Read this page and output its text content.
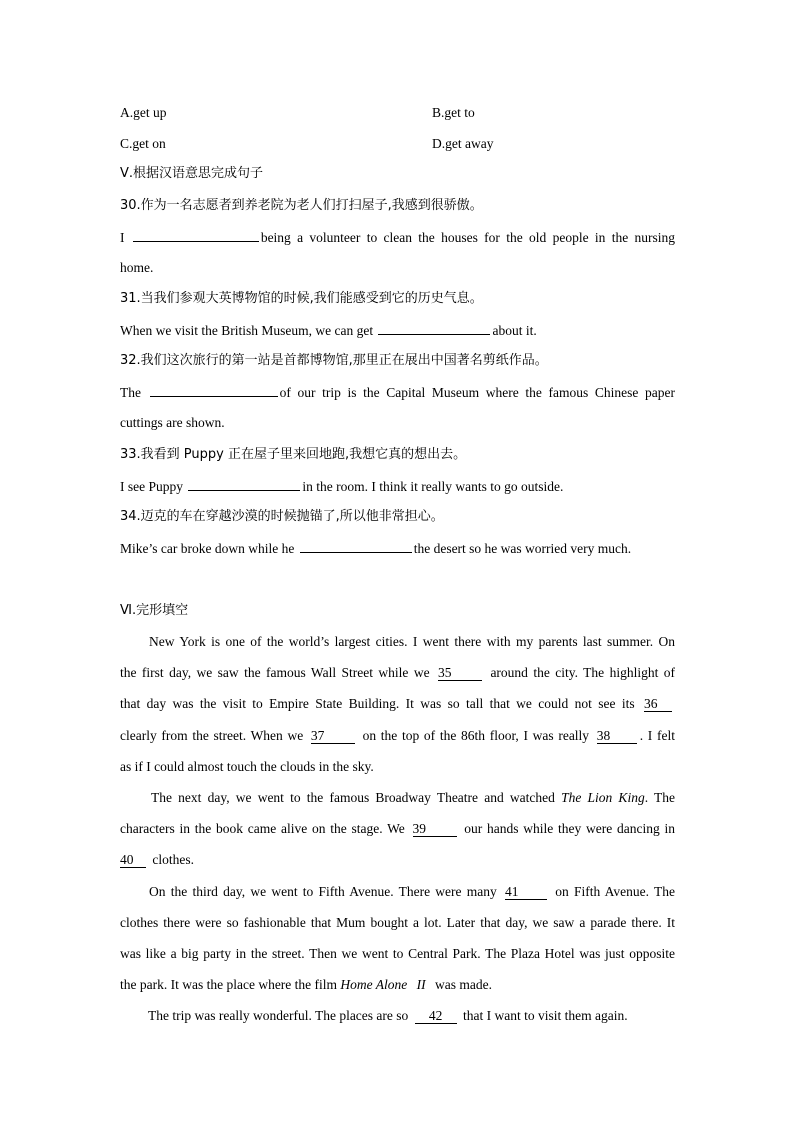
A.get up	B.get to
C.get on	D.get away
Ⅴ.根据汉语意思完成句子
30.作为一名志愿者到养老院为老人们打扫屋子,我感到很骄傲。
I	being a volunteer to clean the houses for the old people in the nursing
home.
31.当我们参观大英博物馆的时候,我们能感受到它的历史气息。
When we visit the British Museum, we can get	about it.
32.我们这次旅行的第一站是首都博物馆,那里正在展出中国著名剪纸作品。
The	of our trip is the Capital Museum where the famous Chinese paper
cuttings are shown.
33.我看到 Puppy 正在屋子里来回地跑,我想它真的想出去。
I see Puppy	in the room. I think it really wants to go outside.
34.迈克的车在穿越沙漠的时候抛锚了,所以他非常担心。
Mike’s car broke down while he	the desert so he was worried very much.
Ⅵ.完形填空
New York is one of the world’s largest cities. I went there with my parents last summer. On
the first day, we saw the famous Wall Street while we 35	around the city. The highlight of
that day was the visit to Empire State Building. It was so tall that we could not see its 36
clearly from the street. When we 37	on the top of the 86th floor, I was really 38 . I felt
as if I could almost touch the clouds in the sky.
The next day, we went to the famous Broadway Theatre and watched The Lion King. The
characters in the book came alive on the stage. We 39	our hands while they were dancing in
40 clothes.
On the third day, we went to Fifth Avenue. There were many 41	on Fifth Avenue. The
clothes there were so fashionable that Mum bought a lot. Later that day, we saw a parade there. It
was like a big party in the street. Then we went to Central Park. The Plaza Hotel was just opposite
the park. It was the place where the film Home Alone II was made.
The trip was really wonderful. The places are so 42 that I want to visit them again.
